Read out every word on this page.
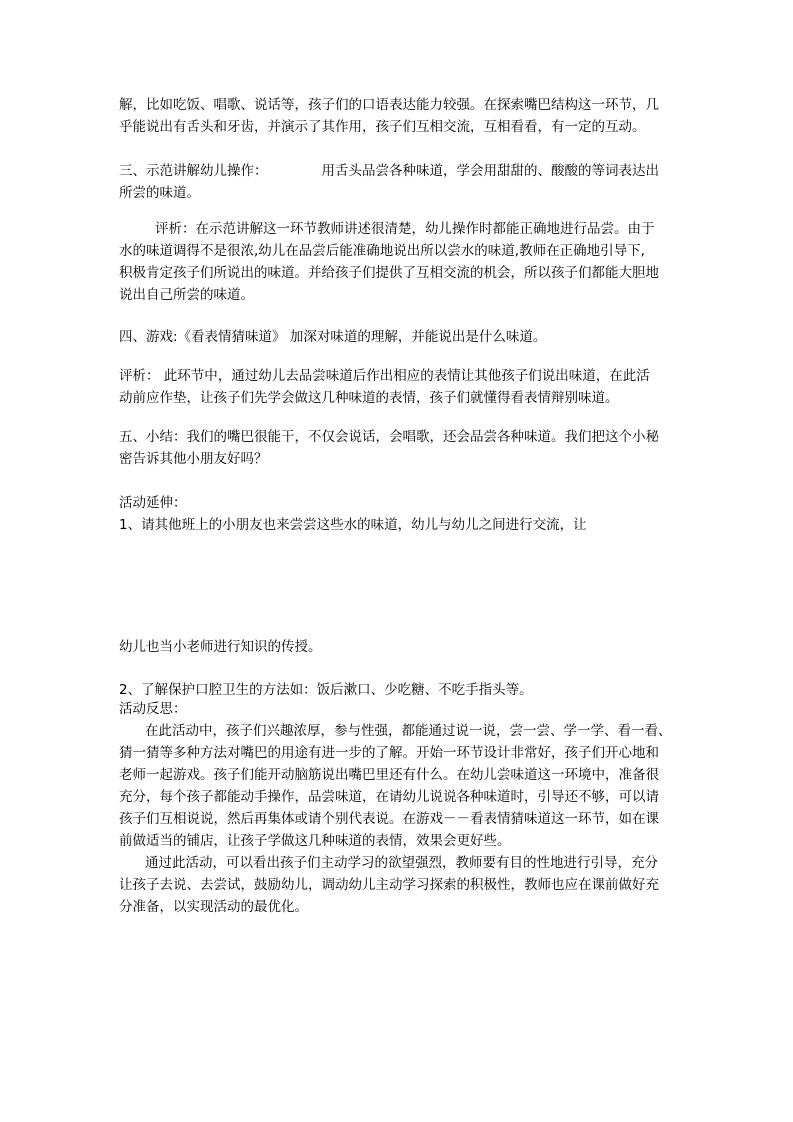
解，比如吃饭、唱歌、说话等，孩子们的口语表达能力较强。在探索嘴巴结构这一环节，几
乎能说出有舌头和牙齿，并演示了其作用，孩子们互相交流，互相看看，有一定的互动。
三、示范讲解幼儿操作：	用舌头品尝各种味道，学会用甜甜的、酸酸的等词表达出
所尝的味道。
评析：在示范讲解这一环节教师讲述很清楚，幼儿操作时都能正确地进行品尝。由于
水的味道调得不是很浓,幼儿在品尝后能准确地说出所以尝水的味道,教师在正确地引导下,
积极肯定孩子们所说出的味道。并给孩子们提供了互相交流的机会，所以孩子们都能大胆地
说出自己所尝的味道。
四、游戏:《看表情猜味道》 加深对味道的理解，并能说出是什么味道。
评析： 此环节中，通过幼儿去品尝味道后作出相应的表情让其他孩子们说出味道，在此活
动前应作垫，让孩子们先学会做这几种味道的表情，孩子们就懂得看表情辩别味道。
五、小结：我们的嘴巴很能干，不仅会说话，会唱歌，还会品尝各种味道。我们把这个小秘
密告诉其他小朋友好吗？
活动延伸：
1、请其他班上的小朋友也来尝尝这些水的味道，幼儿与幼儿之间进行交流，让
幼儿也当小老师进行知识的传授。
2、了解保护口腔卫生的方法如：饭后漱口、少吃糖、不吃手指头等。
活动反思：
在此活动中，孩子们兴趣浓厚，参与性强，都能通过说一说，尝一尝、学一学、看一看、
猜一猜等多种方法对嘴巴的用途有进一步的了解。开始一环节设计非常好，孩子们开心地和
老师一起游戏。孩子们能开动脑筋说出嘴巴里还有什么。在幼儿尝味道这一环境中，准备很
充分，每个孩子都能动手操作，品尝味道，在请幼儿说说各种味道时，引导还不够，可以请
孩子们互相说说，然后再集体或请个别代表说。在游戏－－看表情猜味道这一环节，如在课
前做适当的铺店，让孩子学做这几种味道的表情，效果会更好些。
通过此活动，可以看出孩子们主动学习的欲望强烈，教师要有目的性地进行引导，充分
让孩子去说、去尝试，鼓励幼儿，调动幼儿主动学习探索的积极性，教师也应在课前做好充
分准备，以实现活动的最优化。
